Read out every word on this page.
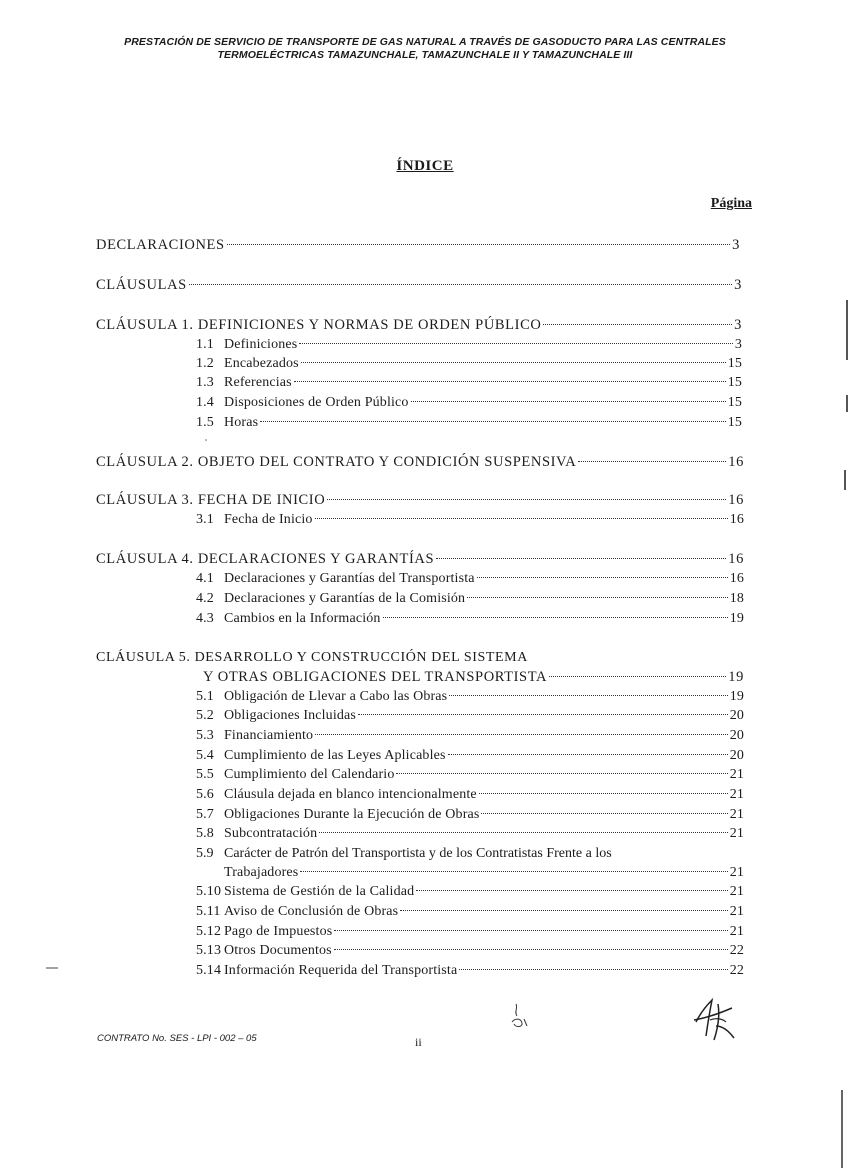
PRESTACIÓN DE SERVICIO DE TRANSPORTE DE GAS NATURAL A TRAVÉS DE GASODUCTO PARA LAS CENTRALES
TERMOELÉCTRICAS TAMAZUNCHALE, TAMAZUNCHALE II Y TAMAZUNCHALE III
ÍNDICE
Página
DECLARACIONES	3
CLÁUSULAS	3
CLÁUSULA 1. DEFINICIONES Y NORMAS DE ORDEN PÚBLICO	3
1.1 Definiciones	3
1.2 Encabezados	15
1.3 Referencias	15
1.4 Disposiciones de Orden Público	15
1.5 Horas	15
CLÁUSULA 2. OBJETO DEL CONTRATO Y CONDICIÓN SUSPENSIVA	16
CLÁUSULA 3. FECHA DE INICIO	16
3.1 Fecha de Inicio	16
CLÁUSULA 4. DECLARACIONES Y GARANTÍAS	16
4.1 Declaraciones y Garantías del Transportista	16
4.2 Declaraciones y Garantías de la Comisión	18
4.3 Cambios en la Información	19
CLÁUSULA 5. DESARROLLO Y CONSTRUCCIÓN DEL SISTEMA
Y OTRAS OBLIGACIONES DEL TRANSPORTISTA	19
5.1 Obligación de Llevar a Cabo las Obras	19
5.2 Obligaciones Incluidas	20
5.3 Financiamiento	20
5.4 Cumplimiento de las Leyes Aplicables	20
5.5 Cumplimiento del Calendario	21
5.6 Cláusula dejada en blanco intencionalmente	21
5.7 Obligaciones Durante la Ejecución de Obras	21
5.8 Subcontratación	21
5.9 Carácter de Patrón del Transportista y de los Contratistas Frente a los
Trabajadores	21
5.10 Sistema de Gestión de la Calidad	21
5.11 Aviso de Conclusión de Obras	21
5.12 Pago de Impuestos	21
5.13 Otros Documentos	22
5.14 Información Requerida del Transportista	22
CONTRATO No. SES - LPI - 002 – 05	ii
